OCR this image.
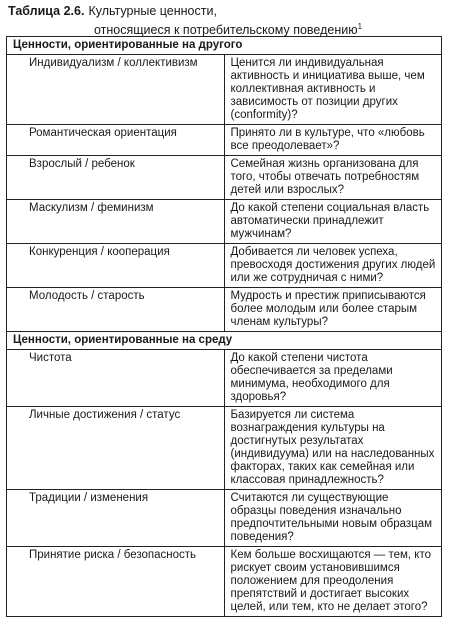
Таблица 2.6. Культурные ценности,
относящиеся к потребительскому поведению$^1$
Ценности, ориентированные на другого	
Индивидуализм / коллективизм	Ценится ли индивидуальная активность и инициатива выше, чем коллективная активность и зависимость от позиции других (conformity)?
Романтическая ориентация	Принято ли в культуре, что «любовь все преодолевает»?
Взрослый / ребенок	Семейная жизнь организована для того, чтобы отвечать потребностям детей или взрослых?
Маскулизм / феминизм	До какой степени социальная власть автоматически принадлежит мужчинам?
Конкуренция / кооперация	Добивается ли человек успеха, превосходя достижения других людей или же сотрудничая с ними?
Молодость / старость	Мудрость и престиж приписываются более молодым или более старым членам культуры?
Ценности, ориентированные на среду	
Чистота	До какой степени чистота обеспечивается за пределами минимума, необходимого для здоровья?
Личные достижения / статус	Базируется ли система вознаграждения культуры на достигнутых результатах (индивидуума) или на наследованных факторах, таких как семейная или классовая принадлежность?
Традиции / изменения	Считаются ли существующие образцы поведения изначально предпочтительными новым образцам поведения?
Принятие риска / безопасность	Кем больше восхищаются — тем, кто рискует своим установившимся положением для преодоления препятствий и достигает высоких целей, или тем, кто не делает этого?
